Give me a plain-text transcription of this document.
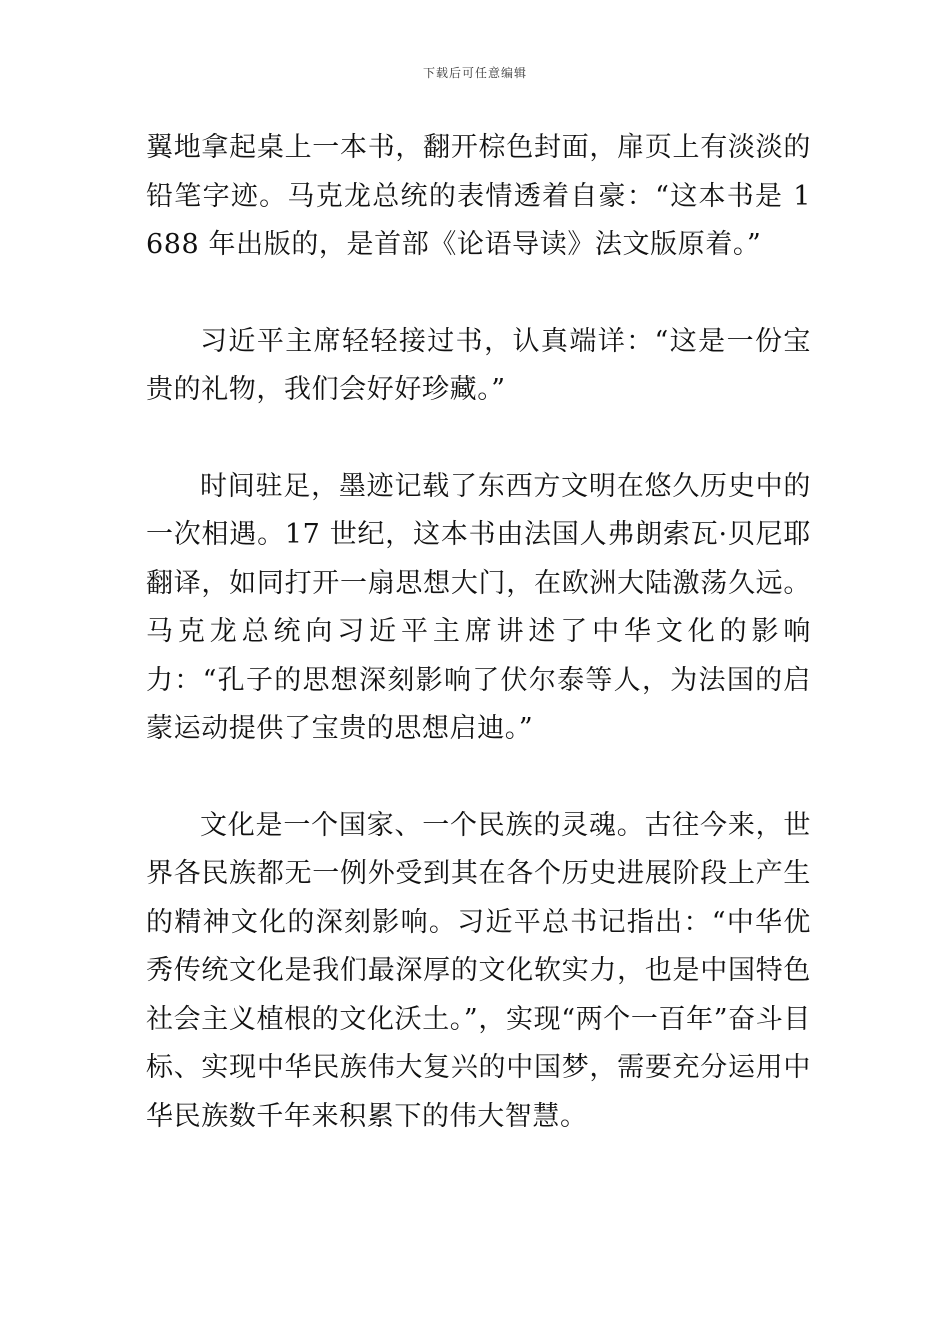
下载后可任意编辑

翼地拿起桌上一本书，翻开棕色封面，扉页上有淡淡的铅笔字迹。马克龙总统的表情透着自豪：“这本书是 1688 年出版的，是首部《论语导读》法文版原着。”

习近平主席轻轻接过书，认真端详：“这是一份宝贵的礼物，我们会好好珍藏。”

时间驻足，墨迹记载了东西方文明在悠久历史中的一次相遇。17 世纪，这本书由法国人弗朗索瓦·贝尼耶翻译，如同打开一扇思想大门，在欧洲大陆激荡久远。马克龙总统向习近平主席讲述了中华文化的影响力：“孔子的思想深刻影响了伏尔泰等人，为法国的启蒙运动提供了宝贵的思想启迪。”

文化是一个国家、一个民族的灵魂。古往今来，世界各民族都无一例外受到其在各个历史进展阶段上产生的精神文化的深刻影响。习近平总书记指出：“中华优秀传统文化是我们最深厚的文化软实力，也是中国特色社会主义植根的文化沃土。”，实现“两个一百年”奋斗目标、实现中华民族伟大复兴的中国梦，需要充分运用中华民族数千年来积累下的伟大智慧。
